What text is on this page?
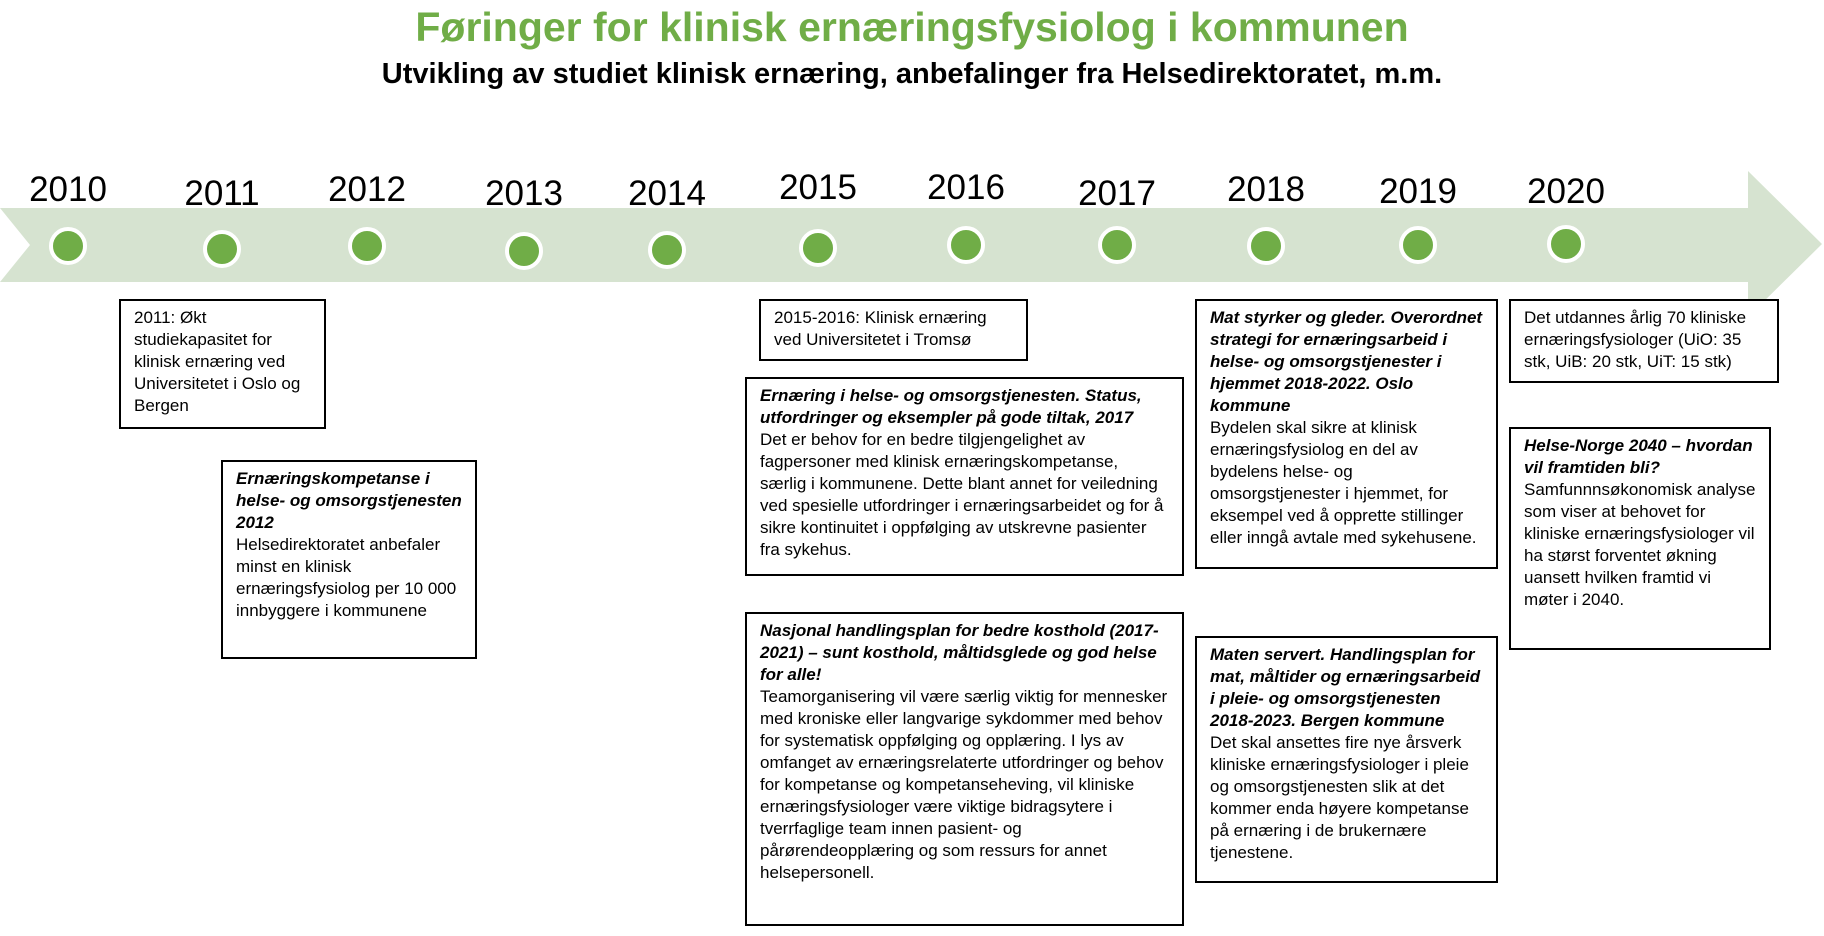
Føringer for klinisk ernæringsfysiolog i kommunen
Utvikling av studiet klinisk ernæring, anbefalinger fra Helsedirektoratet, m.m.
2010	2011	2012	2013	2014	2015	2016	2017	2018	2019	2020
2011: Økt studiekapasitet for klinisk ernæring ved Universitetet i Oslo og Bergen
Ernæringskompetanse i helse- og omsorgstjenesten 2012
Helsedirektoratet anbefaler minst en klinisk ernæringsfysiolog per 10 000 innbyggere i kommunene
2015-2016: Klinisk ernæring ved Universitetet i Tromsø
Ernæring i helse- og omsorgstjenesten. Status, utfordringer og eksempler på gode tiltak, 2017
Det er behov for en bedre tilgjengelighet av fagpersoner med klinisk ernæringskompetanse, særlig i kommunene. Dette blant annet for veiledning ved spesielle utfordringer i ernæringsarbeidet og for å sikre kontinuitet i oppfølging av utskrevne pasienter fra sykehus.
Nasjonal handlingsplan for bedre kosthold (2017-2021) – sunt kosthold, måltidsglede og god helse for alle!
Teamorganisering vil være særlig viktig for mennesker med kroniske eller langvarige sykdommer med behov for systematisk oppfølging og opplæring. I lys av omfanget av ernæringsrelaterte utfordringer og behov for kompetanse og kompetanseheving, vil kliniske ernæringsfysiologer være viktige bidragsytere i tverrfaglige team innen pasient- og pårørendeopplæring og som ressurs for annet helsepersonell.
Mat styrker og gleder. Overordnet strategi for ernæringsarbeid i helse- og omsorgstjenester i hjemmet 2018-2022. Oslo kommune
Bydelen skal sikre at klinisk ernæringsfysiolog en del av bydelens helse- og omsorgstjenester i hjemmet, for eksempel ved å opprette stillinger eller inngå avtale med sykehusene.
Maten servert. Handlingsplan for mat, måltider og ernæringsarbeid i pleie- og omsorgstjenesten 2018-2023. Bergen kommune
Det skal ansettes fire nye årsverk kliniske ernæringsfysiologer i pleie og omsorgstjenesten slik at det kommer enda høyere kompetanse på ernæring i de brukernære tjenestene.
Det utdannes årlig 70 kliniske ernæringsfysiologer (UiO: 35 stk, UiB: 20 stk, UiT: 15 stk)
Helse-Norge 2040 – hvordan vil framtiden bli?
Samfunnnsøkonomisk analyse som viser at behovet for kliniske ernæringsfysiologer vil ha størst forventet økning uansett hvilken framtid vi møter i 2040.
